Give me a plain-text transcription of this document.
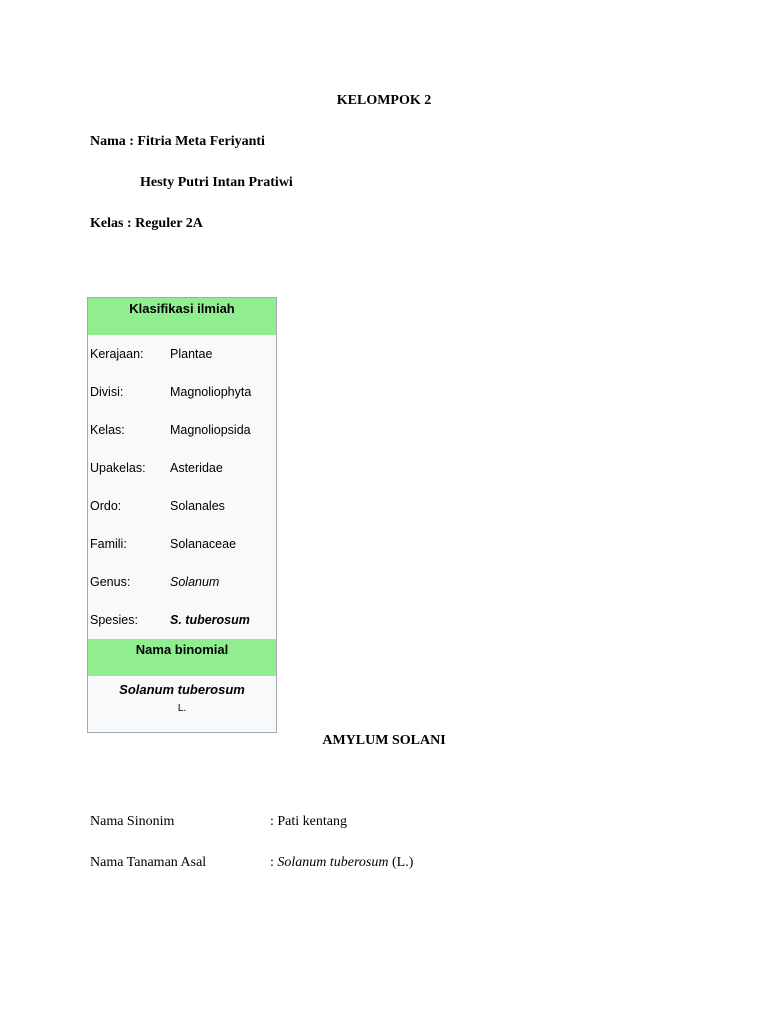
KELOMPOK 2
Nama : Fitria Meta Feriyanti
Hesty Putri Intan Pratiwi
Kelas : Reguler 2A
Klasifikasi ilmiah
Kerajaan:	Plantae
Divisi:	Magnoliophyta
Kelas:	Magnoliopsida
Upakelas:	Asteridae
Ordo:	Solanales
Famili:	Solanaceae
Genus:	Solanum
Spesies:	S. tuberosum
Nama binomial
Solanum tuberosum
L.
AMYLUM SOLANI
Nama Sinonim	: Pati kentang
Nama Tanaman Asal	: Solanum tuberosum (L.)
